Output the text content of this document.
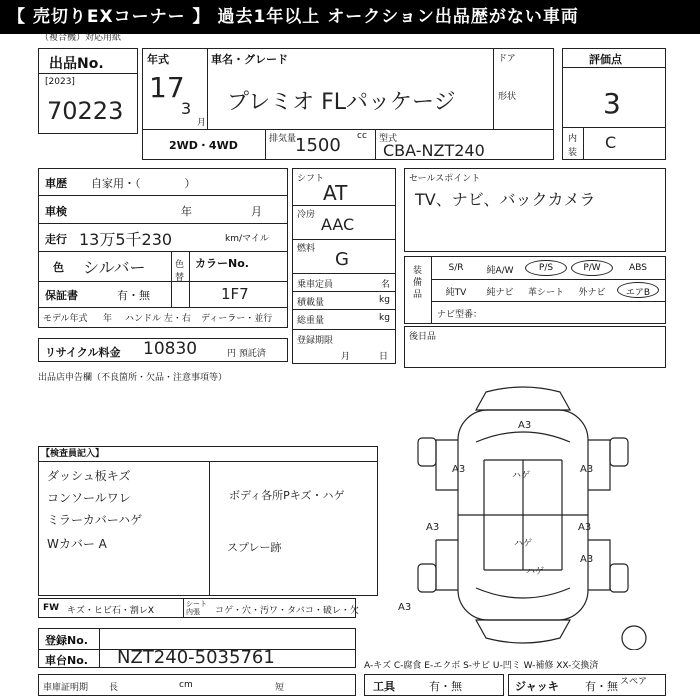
【 売切りEXコーナー 】 過去1年以上 オークション出品歴がない車両
（複合機）対応用紙
出品No.
[2023]
70223
年式
17
3
月
車名・グレード
プレミオ FLパッケージ
ドア
形状
2WD・4WD	排気量
1500 cc 型式
CBA-NZT240
評価点
3
内
装
C
車歴 自家用・（　　　　）
車検	年	月
走行 13万5千230	km/マイル
色 シルバー	色替
カラーNo.
1F7
保証書	有・無
モデル年式 年 ハンドル 左・右 ディーラー・並行
リサイクル料金 10830	円 預託済
シフト
AT
冷房 AAC
燃料 G
乗車定員	名
積載量	kg
総重量	kg
登録期限
月	日
セールスポイント
TV、ナビ、バックカメラ
装備品
S/R	純A/W	P/S	P/W	ABS
純TV	純ナビ	革シート	外ナビ	エアB
ナビ型番：
後日品
出品店申告欄（不良箇所・欠品・注意事項等）
【検査員記入】
ダッシュ板キズ
コンソールワレ
ミラーカバーハゲ
Wカバー A
ボディ各所Pキズ・ハゲ
スプレー跡
A3
A3	A3
A3	A3
A3
A3
ハゲ
ハゲ
ハゲ
スペア
FW キズ・ヒビ石・割レX
シート 内張	コゲ・穴・汚ワ・タバコ・破レ・欠
登録No.
車台No. NZT240-5035761	A-キズ C-腐食 E-エクボ S-サビ U-凹ミ W-補修 XX-交換済
車庫証明期 長	cm	短	工具	有・無	ジャッキ 有・無
